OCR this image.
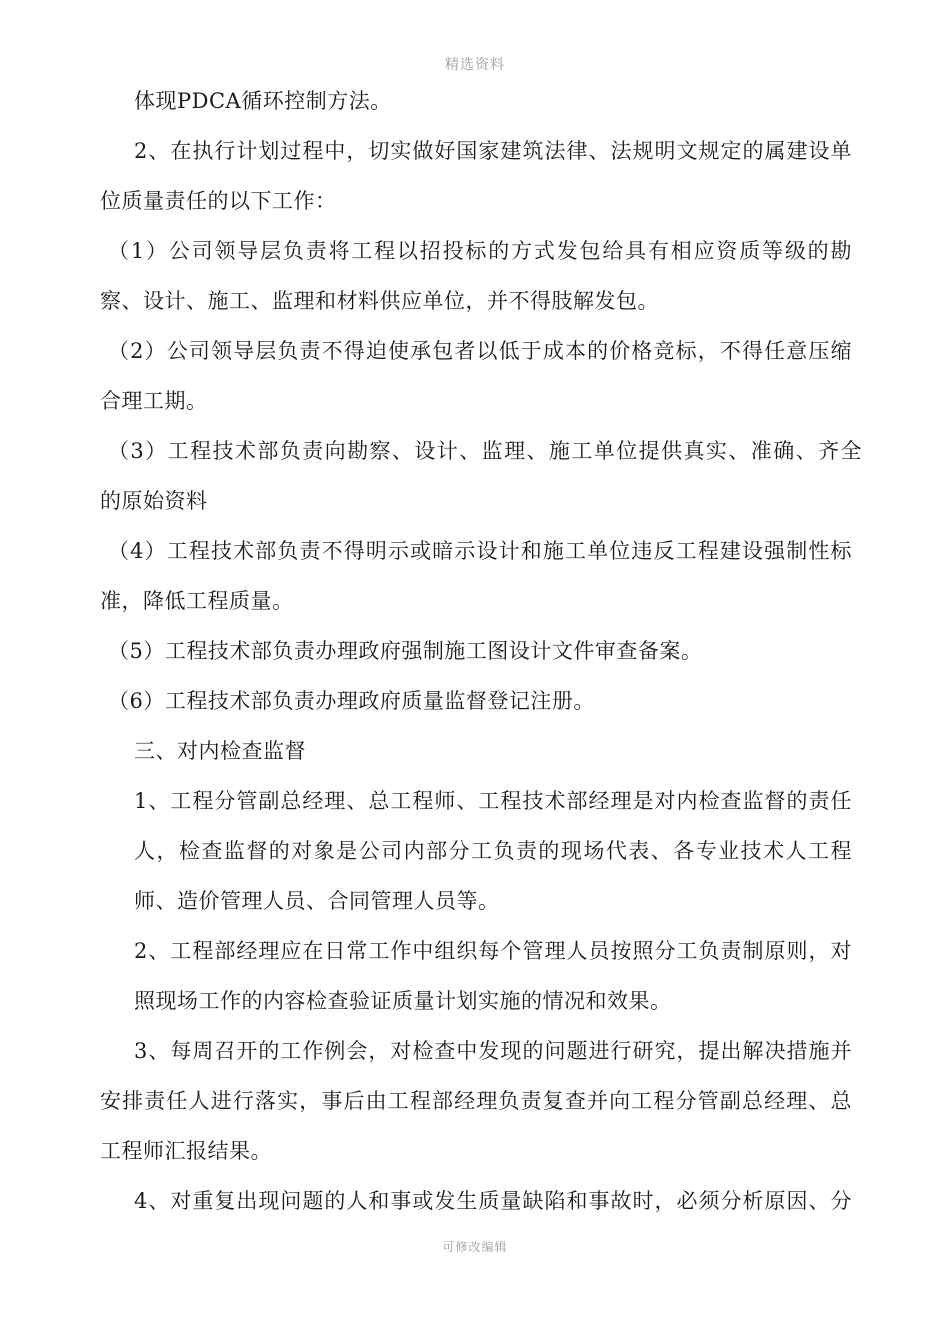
精选资料
体现PDCA循环控制方法。
2、在执行计划过程中，切实做好国家建筑法律、法规明文规定的属建设单
位质量责任的以下工作：
（1）公司领导层负责将工程以招投标的方式发包给具有相应资质等级的勘
察、设计、施工、监理和材料供应单位，并不得肢解发包。
（2）公司领导层负责不得迫使承包者以低于成本的价格竞标，不得任意压缩
合理工期。
（3）工程技术部负责向勘察、设计、监理、施工单位提供真实、准确、齐全
的原始资料
（4）工程技术部负责不得明示或暗示设计和施工单位违反工程建设强制性标
准，降低工程质量。
（5）工程技术部负责办理政府强制施工图设计文件审查备案。
（6）工程技术部负责办理政府质量监督登记注册。
三、对内检查监督
1、工程分管副总经理、总工程师、工程技术部经理是对内检查监督的责任
人，检查监督的对象是公司内部分工负责的现场代表、各专业技术人工程
师、造价管理人员、合同管理人员等。
2、工程部经理应在日常工作中组织每个管理人员按照分工负责制原则，对
照现场工作的内容检查验证质量计划实施的情况和效果。
3、每周召开的工作例会，对检查中发现的问题进行研究，提出解决措施并
安排责任人进行落实，事后由工程部经理负责复查并向工程分管副总经理、总
工程师汇报结果。
4、对重复出现问题的人和事或发生质量缺陷和事故时，必须分析原因、分
可修改编辑
